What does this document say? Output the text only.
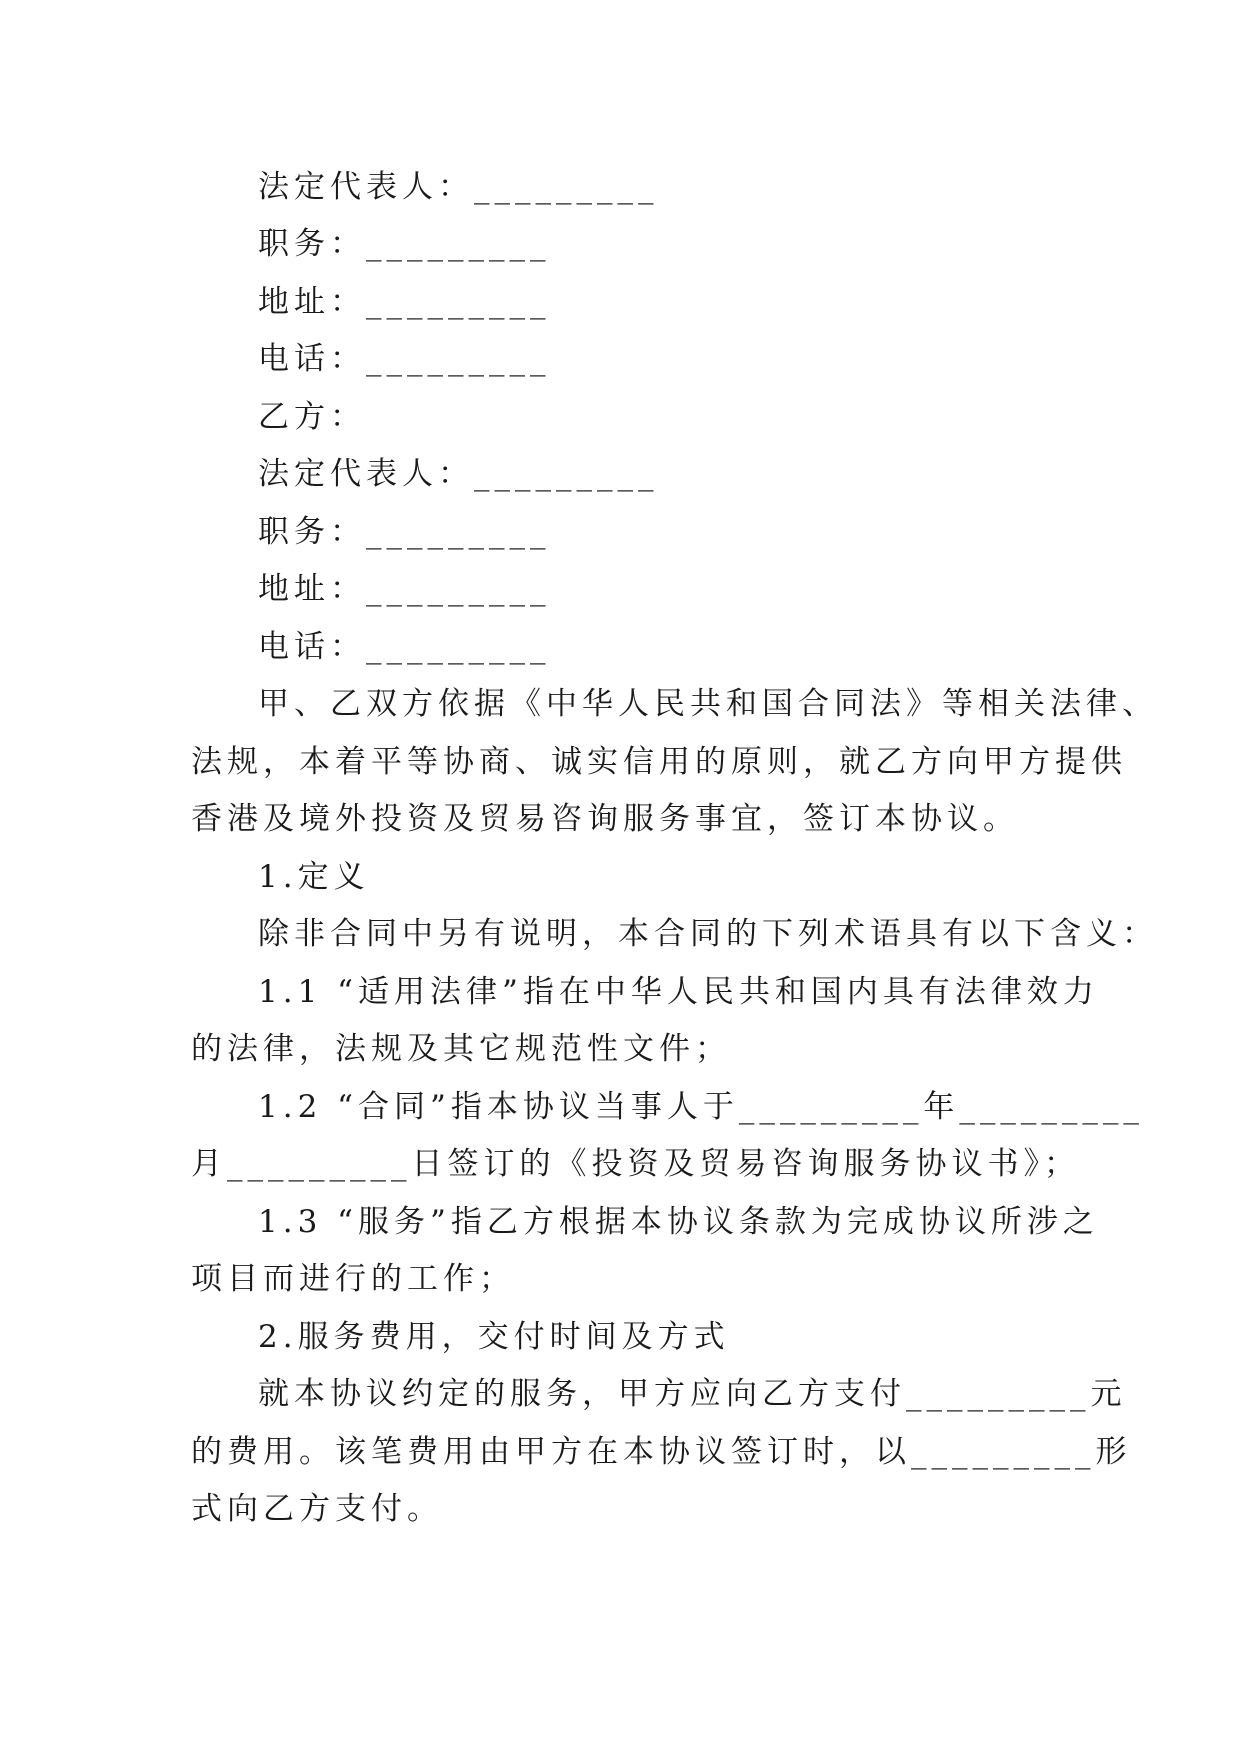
法定代表人：_________
职务：_________
地址：_________
电话：_________
乙方：
法定代表人：_________
职务：_________
地址：_________
电话：_________
甲、乙双方依据《中华人民共和国合同法》等相关法律、
法规，本着平等协商、诚实信用的原则，就乙方向甲方提供
香港及境外投资及贸易咨询服务事宜，签订本协议。
1.定义
除非合同中另有说明，本合同的下列术语具有以下含义：
1.1 “适用法律”指在中华人民共和国内具有法律效力
的法律，法规及其它规范性文件；
1.2 “合同”指本协议当事人于_________年_________
月_________日签订的《投资及贸易咨询服务协议书》；
1.3 “服务”指乙方根据本协议条款为完成协议所涉之
项目而进行的工作；
2.服务费用，交付时间及方式
就本协议约定的服务，甲方应向乙方支付_________元
的费用。该笔费用由甲方在本协议签订时，以_________形
式向乙方支付。
